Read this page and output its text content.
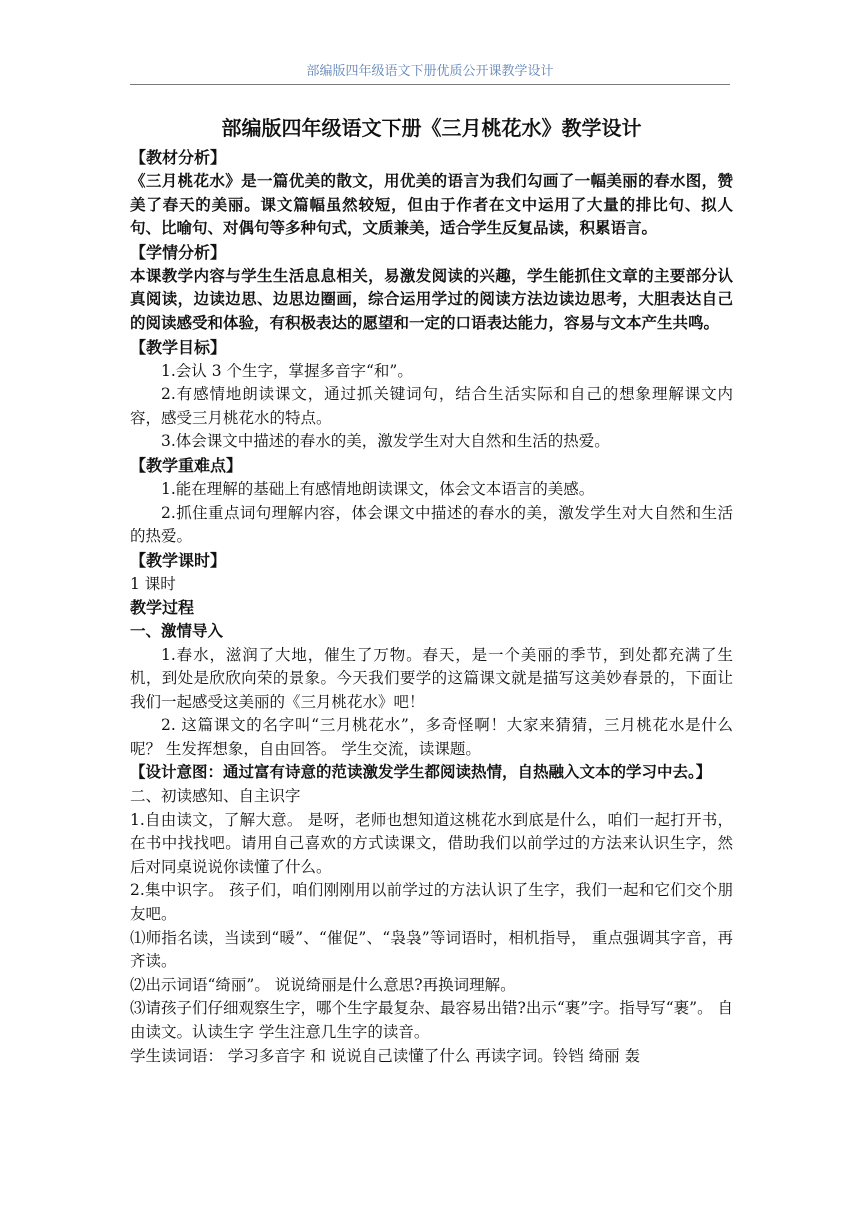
部编版四年级语文下册优质公开课教学设计
部编版四年级语文下册《三月桃花水》教学设计
【教材分析】
《三月桃花水》是一篇优美的散文，用优美的语言为我们勾画了一幅美丽的春水图，赞美了春天的美丽。课文篇幅虽然较短，但由于作者在文中运用了大量的排比句、拟人句、比喻句、对偶句等多种句式，文质兼美，适合学生反复品读，积累语言。
【学情分析】
本课教学内容与学生生活息息相关，易激发阅读的兴趣，学生能抓住文章的主要部分认真阅读，边读边思、边思边圈画，综合运用学过的阅读方法边读边思考，大胆表达自己的阅读感受和体验，有积极表达的愿望和一定的口语表达能力，容易与文本产生共鸣。
【教学目标】
1.会认 3 个生字，掌握多音字“和”。
2.有感情地朗读课文，通过抓关键词句，结合生活实际和自己的想象理解课文内容，感受三月桃花水的特点。
3.体会课文中描述的春水的美，激发学生对大自然和生活的热爱。
【教学重难点】
1.能在理解的基础上有感情地朗读课文，体会文本语言的美感。
2.抓住重点词句理解内容，体会课文中描述的春水的美，激发学生对大自然和生活的热爱。
【教学课时】
1 课时
教学过程
一、激情导入
1.春水，滋润了大地，催生了万物。春天，是一个美丽的季节，到处都充满了生机，到处是欣欣向荣的景象。今天我们要学的这篇课文就是描写这美妙春景的，下面让我们一起感受这美丽的《三月桃花水》吧！
2. 这篇课文的名字叫“三月桃花水”，多奇怪啊！大家来猜猜，三月桃花水是什么呢？ 生发挥想象，自由回答。 学生交流，读课题。
【设计意图：通过富有诗意的范读激发学生都阅读热情，自热融入文本的学习中去。】
二、初读感知、自主识字
1.自由读文，了解大意。 是呀，老师也想知道这桃花水到底是什么，咱们一起打开书，在书中找找吧。请用自己喜欢的方式读课文，借助我们以前学过的方法来认识生字，然后对同桌说说你读懂了什么。
2.集中识字。 孩子们，咱们刚刚用以前学过的方法认识了生字，我们一起和它们交个朋友吧。
⑴师指名读，当读到“暖”、“催促”、“袅袅”等词语时，相机指导， 重点强调其字音，再齐读。
⑵出示词语“绮丽”。 说说绮丽是什么意思?再换词理解。
⑶请孩子们仔细观察生字，哪个生字最复杂、最容易出错?出示“裹”字。指导写“裹”。 自由读文。认读生字 学生注意几生字的读音。
学生读词语： 学习多音字 和 说说自己读懂了什么 再读字词。铃铛 绮丽 轰
